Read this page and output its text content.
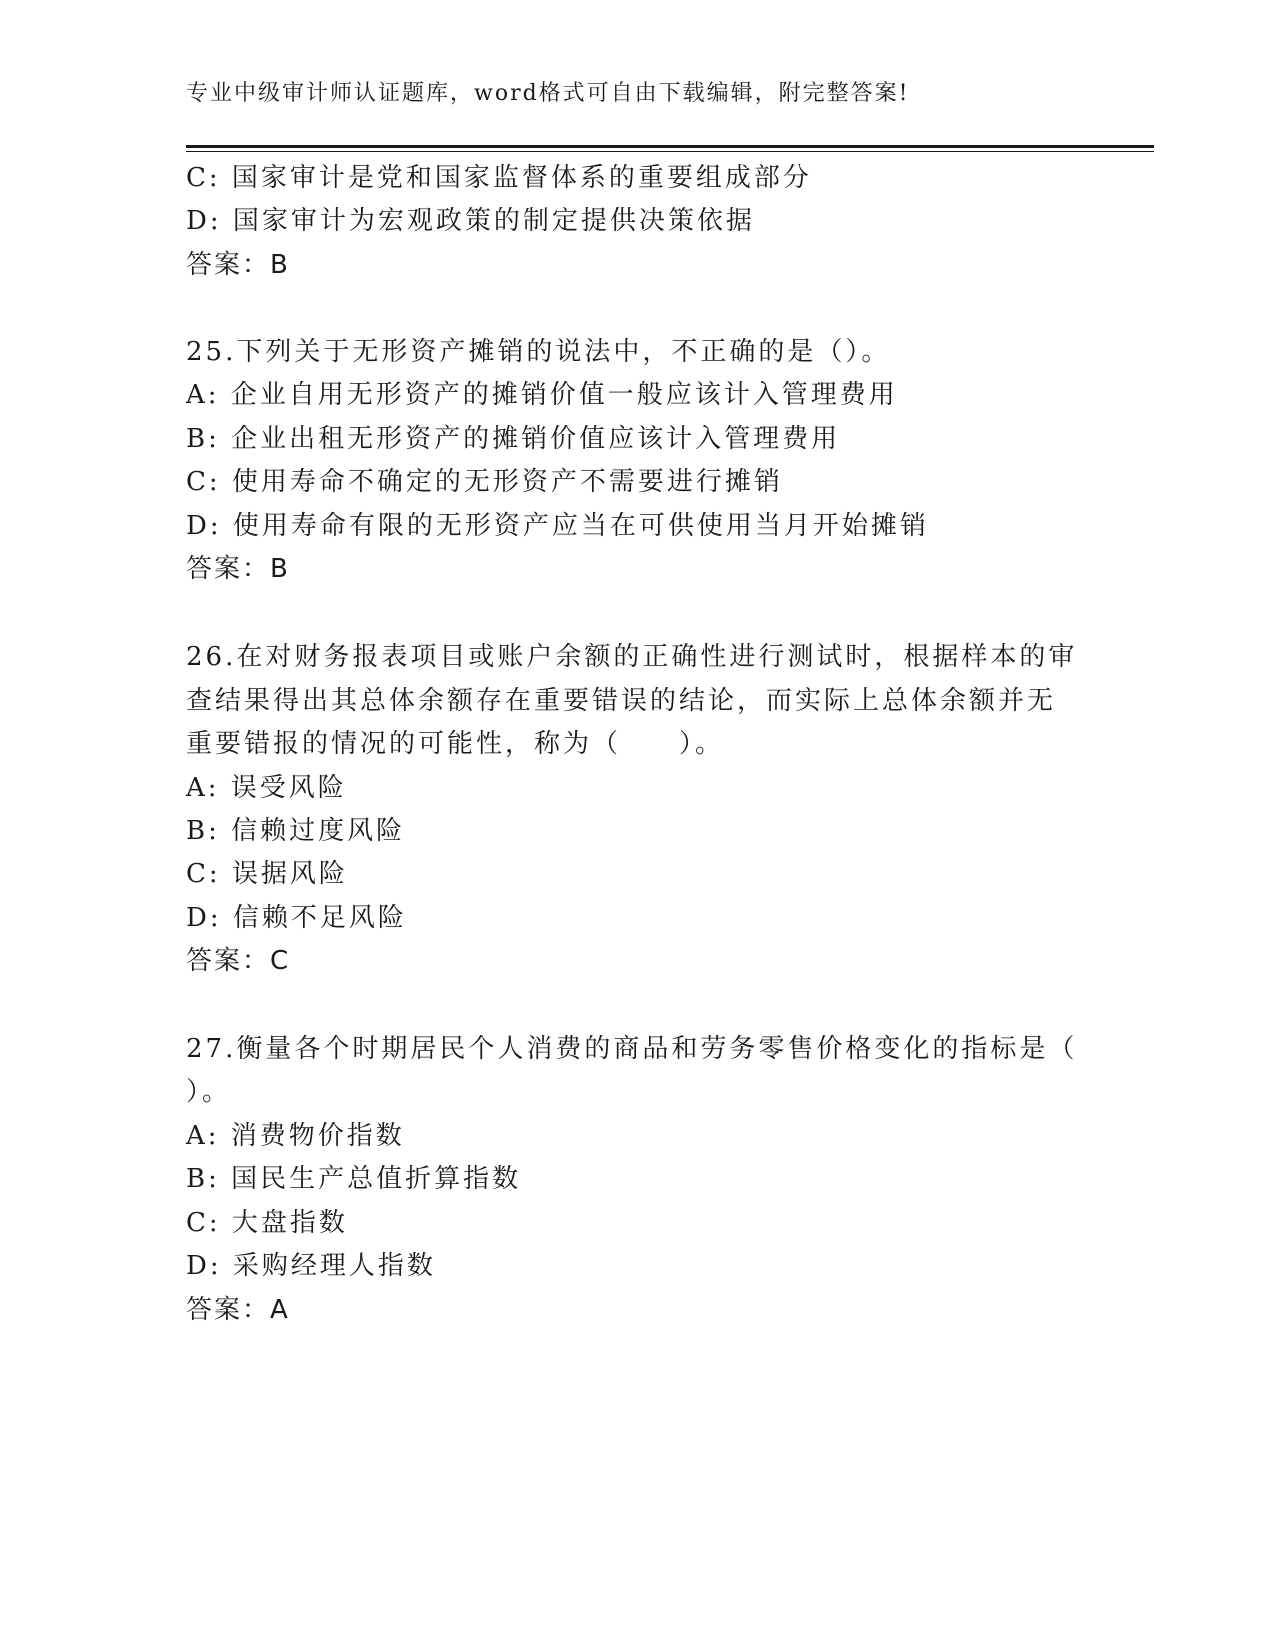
专业中级审计师认证题库，word格式可自由下载编辑，附完整答案!
C: 国家审计是党和国家监督体系的重要组成部分
D: 国家审计为宏观政策的制定提供决策依据
答案：B
25.下列关于无形资产摊销的说法中，不正确的是（）。
A: 企业自用无形资产的摊销价值一般应该计入管理费用
B: 企业出租无形资产的摊销价值应该计入管理费用
C: 使用寿命不确定的无形资产不需要进行摊销
D: 使用寿命有限的无形资产应当在可供使用当月开始摊销
答案：B
26.在对财务报表项目或账户余额的正确性进行测试时，根据样本的审
查结果得出其总体余额存在重要错误的结论，而实际上总体余额并无
重要错报的情况的可能性，称为（　　）。
A: 误受风险
B: 信赖过度风险
C: 误据风险
D: 信赖不足风险
答案：C
27.衡量各个时期居民个人消费的商品和劳务零售价格变化的指标是（
）。
A: 消费物价指数
B: 国民生产总值折算指数
C: 大盘指数
D: 采购经理人指数
答案：A
